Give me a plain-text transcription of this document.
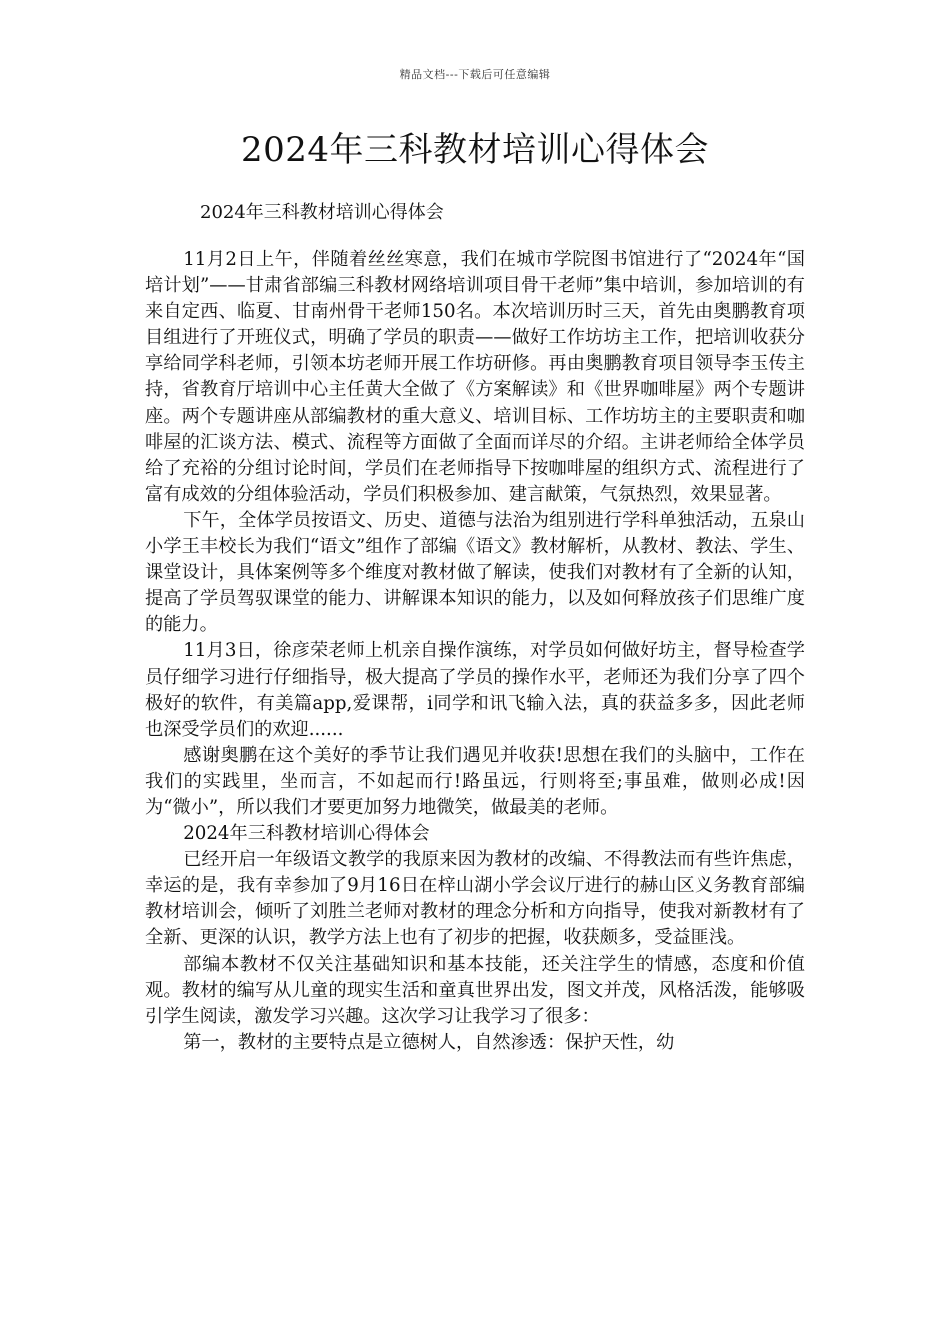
精品文档---下载后可任意编辑
2024年三科教材培训心得体会
2024年三科教材培训心得体会

11月2日上午，伴随着丝丝寒意，我们在城市学院图书馆进行了“2024年“国培计划”——甘肃省部编三科教材网络培训项目骨干老师”集中培训，参加培训的有来自定西、临夏、甘南州骨干老师150名。本次培训历时三天，首先由奥鹏教育项目组进行了开班仪式，明确了学员的职责——做好工作坊坊主工作，把培训收获分享给同学科老师，引领本坊老师开展工作坊研修。再由奥鹏教育项目领导李玉传主持，省教育厅培训中心主任黄大全做了《方案解读》和《世界咖啡屋》两个专题讲座。两个专题讲座从部编教材的重大意义、培训目标、工作坊坊主的主要职责和咖啡屋的汇谈方法、模式、流程等方面做了全面而详尽的介绍。主讲老师给全体学员给了充裕的分组讨论时间，学员们在老师指导下按咖啡屋的组织方式、流程进行了富有成效的分组体验活动，学员们积极参加、建言献策，气氛热烈，效果显著。

下午，全体学员按语文、历史、道德与法治为组别进行学科单独活动，五泉山小学王丰校长为我们“语文”组作了部编《语文》教材解析，从教材、教法、学生、课堂设计，具体案例等多个维度对教材做了解读，使我们对教材有了全新的认知，提高了学员驾驭课堂的能力、讲解课本知识的能力，以及如何释放孩子们思维广度的能力。

11月3日，徐彦荣老师上机亲自操作演练，对学员如何做好坊主，督导检查学员仔细学习进行仔细指导，极大提高了学员的操作水平，老师还为我们分享了四个极好的软件，有美篇app,爱课帮，i同学和讯飞输入法，真的获益多多，因此老师也深受学员们的欢迎......

感谢奥鹏在这个美好的季节让我们遇见并收获!思想在我们的头脑中，工作在我们的实践里，坐而言，不如起而行!路虽远，行则将至;事虽难，做则必成!因为“微小”，所以我们才要更加努力地微笑，做最美的老师。

2024年三科教材培训心得体会

已经开启一年级语文教学的我原来因为教材的改编、不得教法而有些许焦虑，幸运的是，我有幸参加了9月16日在梓山湖小学会议厅进行的赫山区义务教育部编教材培训会，倾听了刘胜兰老师对教材的理念分析和方向指导，使我对新教材有了全新、更深的认识，教学方法上也有了初步的把握，收获颇多，受益匪浅。

部编本教材不仅关注基础知识和基本技能，还关注学生的情感，态度和价值观。教材的编写从儿童的现实生活和童真世界出发，图文并茂，风格活泼，能够吸引学生阅读，激发学习兴趣。这次学习让我学习了很多：

第一，教材的主要特点是立德树人，自然渗透：保护天性，幼
